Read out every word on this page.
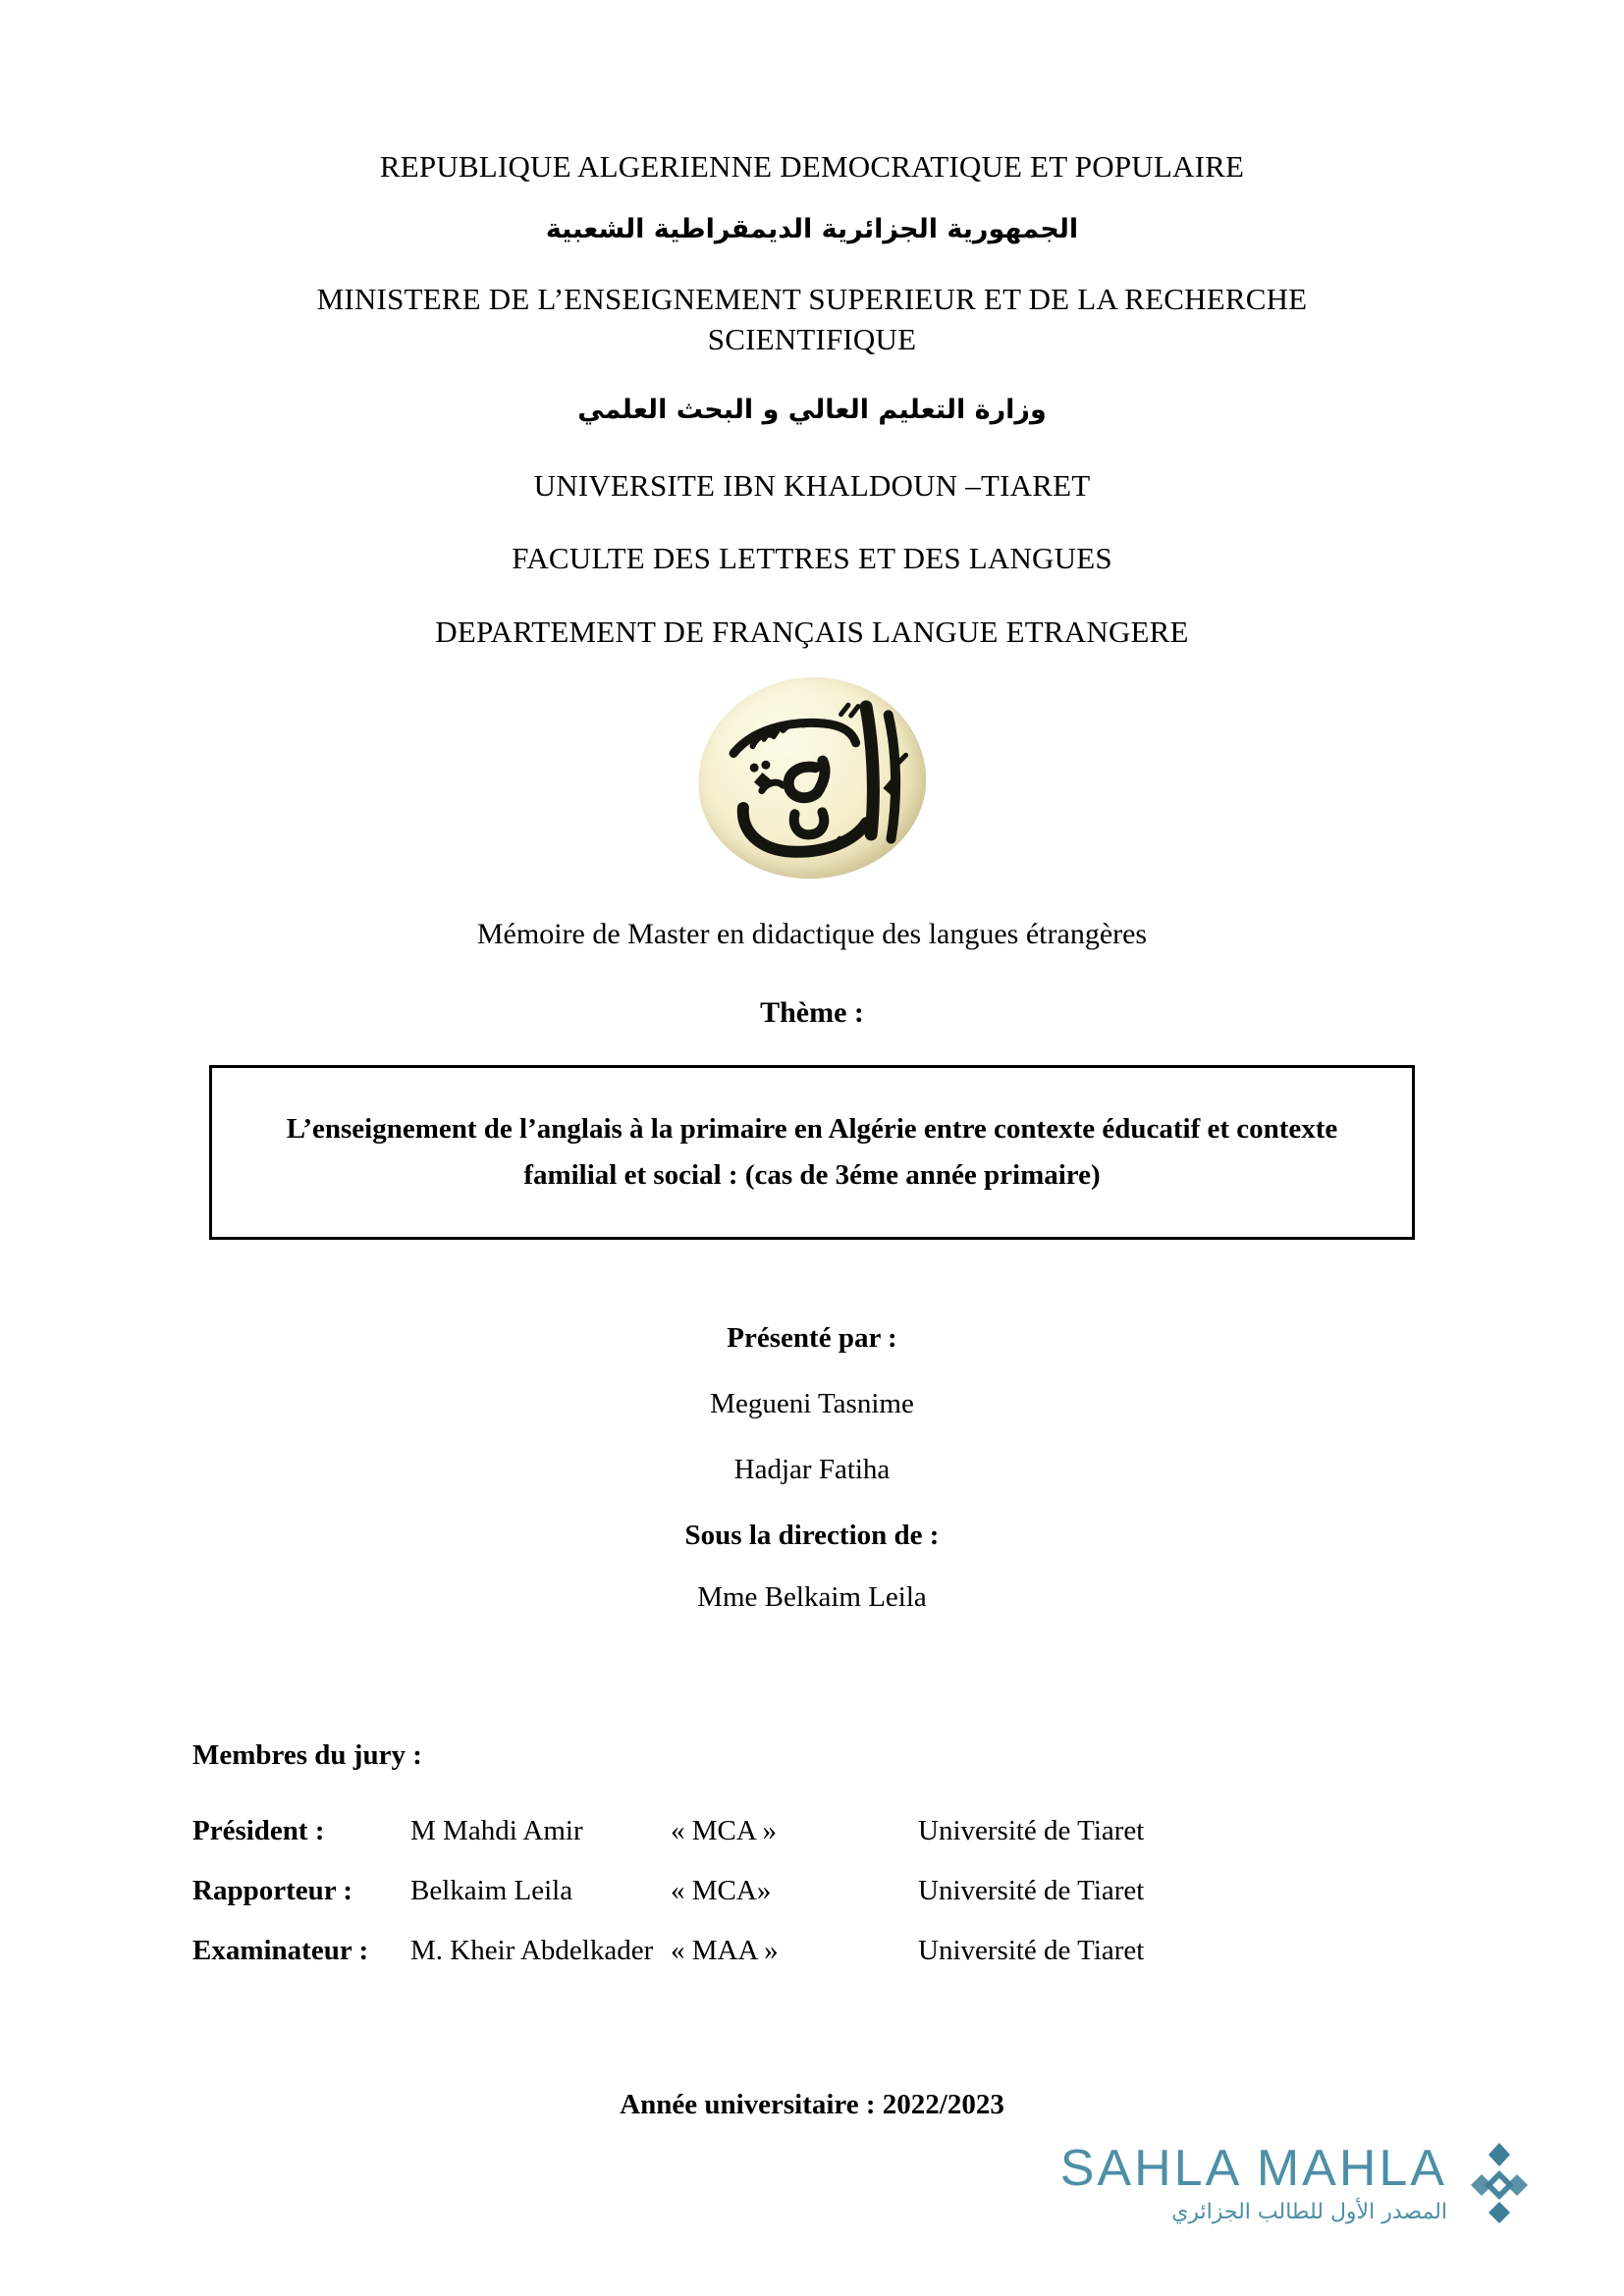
REPUBLIQUE ALGERIENNE DEMOCRATIQUE ET POPULAIRE
الجمهورية الجزائرية الديمقراطية الشعبية
MINISTERE DE L’ENSEIGNEMENT SUPERIEUR ET DE LA RECHERCHE SCIENTIFIQUE
وزارة التعليم العالي و البحث العلمي
UNIVERSITE IBN KHALDOUN –TIARET
FACULTE DES LETTRES ET DES LANGUES
DEPARTEMENT DE FRANÇAIS LANGUE ETRANGERE
Mémoire de Master en didactique des langues étrangères
Thème :
L’enseignement de l’anglais à la primaire en Algérie entre contexte éducatif et contexte familial et social : (cas de 3éme année primaire)
Présenté par :
Megueni Tasnime
Hadjar Fatiha
Sous la direction de :
Mme Belkaim Leila
Membres du jury :
Président :	M Mahdi Amir	« MCA »	Université de Tiaret
Rapporteur :	Belkaim Leila	« MCA»	Université de Tiaret
Examinateur :	M. Kheir Abdelkader	« MAA »	Université de Tiaret
Année universitaire : 2022/2023
SAHLA MAHLA
المصدر الأول للطالب الجزائري
